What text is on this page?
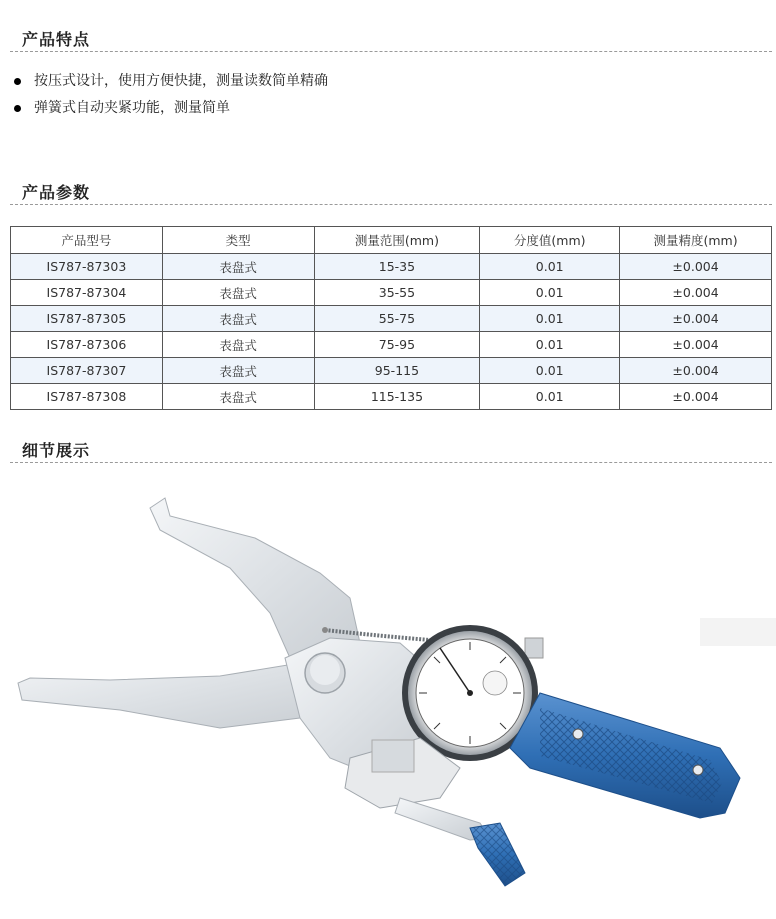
产品特点
按压式设计，使用方便快捷，测量读数简单精确
弹簧式自动夹紧功能，测量简单
产品参数
产品型号	类型	测量范围(mm)	分度值(mm)	测量精度(mm)
IS787-87303	表盘式	15-35	0.01	±0.004
IS787-87304	表盘式	35-55	0.01	±0.004
IS787-87305	表盘式	55-75	0.01	±0.004
IS787-87306	表盘式	75-95	0.01	±0.004
IS787-87307	表盘式	95-115	0.01	±0.004
IS787-87308	表盘式	115-135	0.01	±0.004
细节展示
